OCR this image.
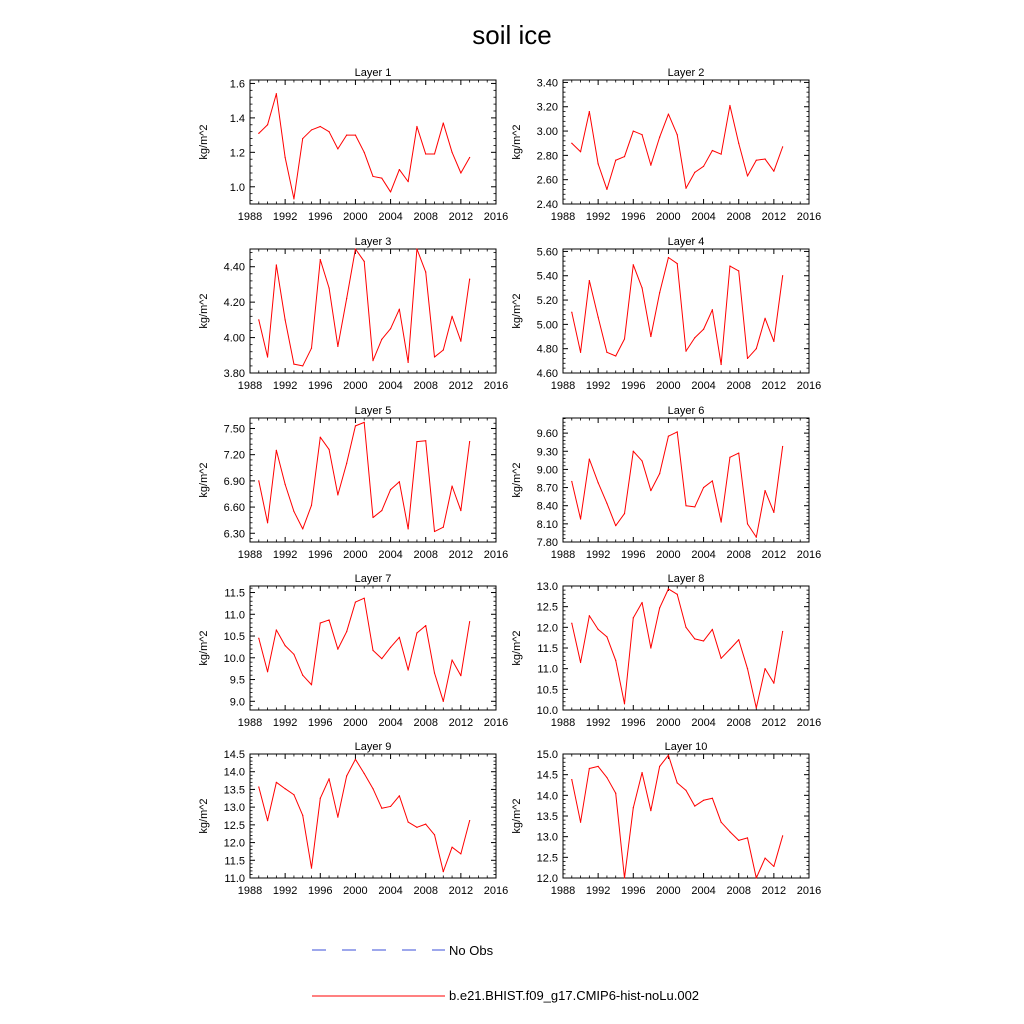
soil ice
Layer 1
1988 1992 1996 2000 2004 2008 2012 2016
1.0
1.2
1.4
1.6
kg/m^2
Layer 2
1988 1992 1996 2000 2004 2008 2012 2016
2.40
2.60
2.80
3.00
3.20
3.40
kg/m^2
Layer 3
1988 1992 1996 2000 2004 2008 2012 2016
3.80
4.00
4.20
4.40
kg/m^2
Layer 4
1988 1992 1996 2000 2004 2008 2012 2016
4.60
4.80
5.00
5.20
5.40
5.60
kg/m^2
Layer 5
1988 1992 1996 2000 2004 2008 2012 2016
6.30
6.60
6.90
7.20
7.50
kg/m^2
Layer 6
1988 1992 1996 2000 2004 2008 2012 2016
7.80
8.10
8.40
8.70
9.00
9.30
9.60
kg/m^2
Layer 7
1988 1992 1996 2000 2004 2008 2012 2016
9.0
9.5
10.0
10.5
11.0
11.5
kg/m^2
Layer 8
1988 1992 1996 2000 2004 2008 2012 2016
10.0
10.5
11.0
11.5
12.0
12.5
13.0
kg/m^2
Layer 9
1988 1992 1996 2000 2004 2008 2012 2016
11.0
11.5
12.0
12.5
13.0
13.5
14.0
14.5
kg/m^2
Layer 10
1988 1992 1996 2000 2004 2008 2012 2016
12.0
12.5
13.0
13.5
14.0
14.5
15.0
kg/m^2
No Obs
b.e21.BHIST.f09_g17.CMIP6-hist-noLu.002
